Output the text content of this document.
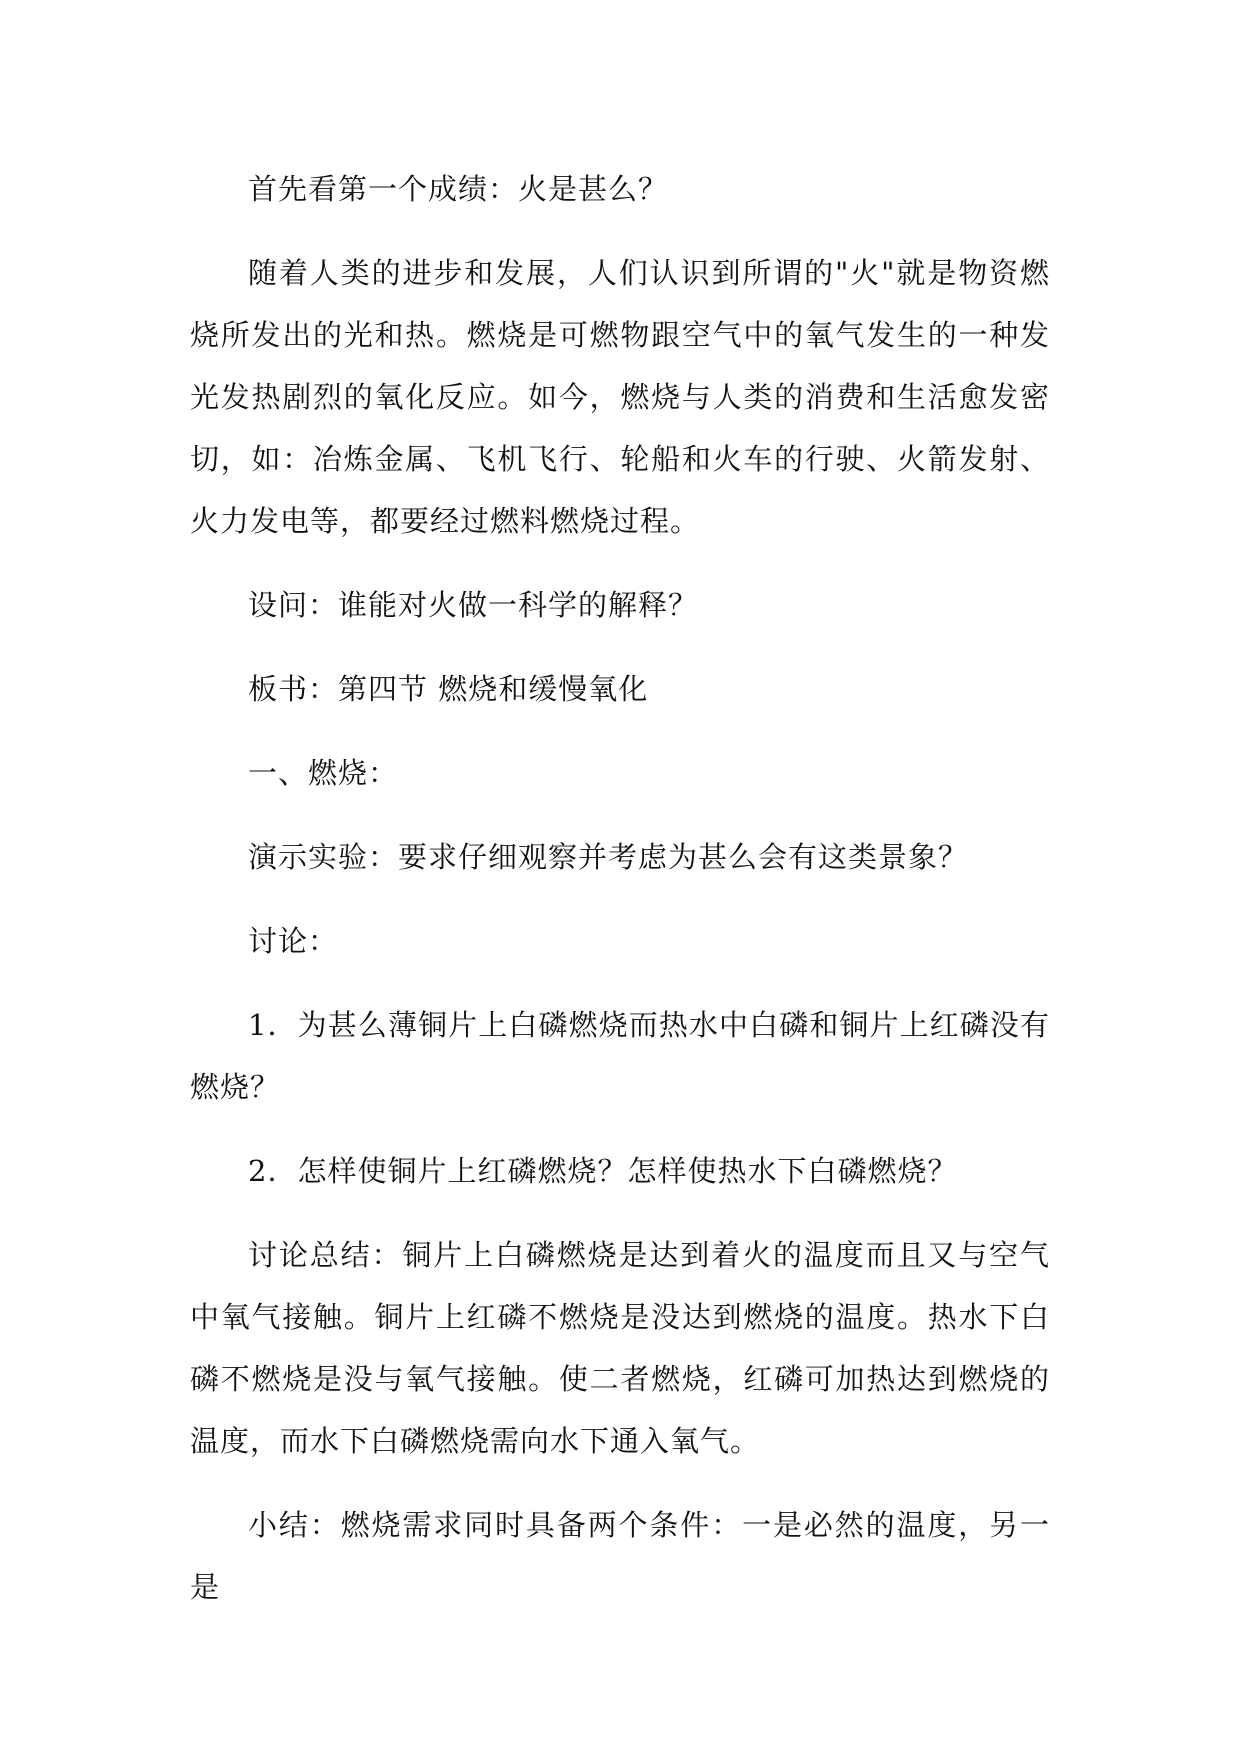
首先看第一个成绩：火是甚么？

随着人类的进步和发展，人们认识到所谓的"火"就是物资燃烧所发出的光和热。燃烧是可燃物跟空气中的氧气发生的一种发光发热剧烈的氧化反应。如今，燃烧与人类的消费和生活愈发密切，如：冶炼金属、飞机飞行、轮船和火车的行驶、火箭发射、火力发电等，都要经过燃料燃烧过程。

设问：谁能对火做一科学的解释？

板书：第四节 燃烧和缓慢氧化

一、燃烧：

演示实验：要求仔细观察并考虑为甚么会有这类景象？

讨论：

1．为甚么薄铜片上白磷燃烧而热水中白磷和铜片上红磷没有燃烧？

2．怎样使铜片上红磷燃烧？怎样使热水下白磷燃烧？

讨论总结：铜片上白磷燃烧是达到着火的温度而且又与空气中氧气接触。铜片上红磷不燃烧是没达到燃烧的温度。热水下白磷不燃烧是没与氧气接触。使二者燃烧，红磷可加热达到燃烧的温度，而水下白磷燃烧需向水下通入氧气。

小结：燃烧需求同时具备两个条件：一是必然的温度，另一是
